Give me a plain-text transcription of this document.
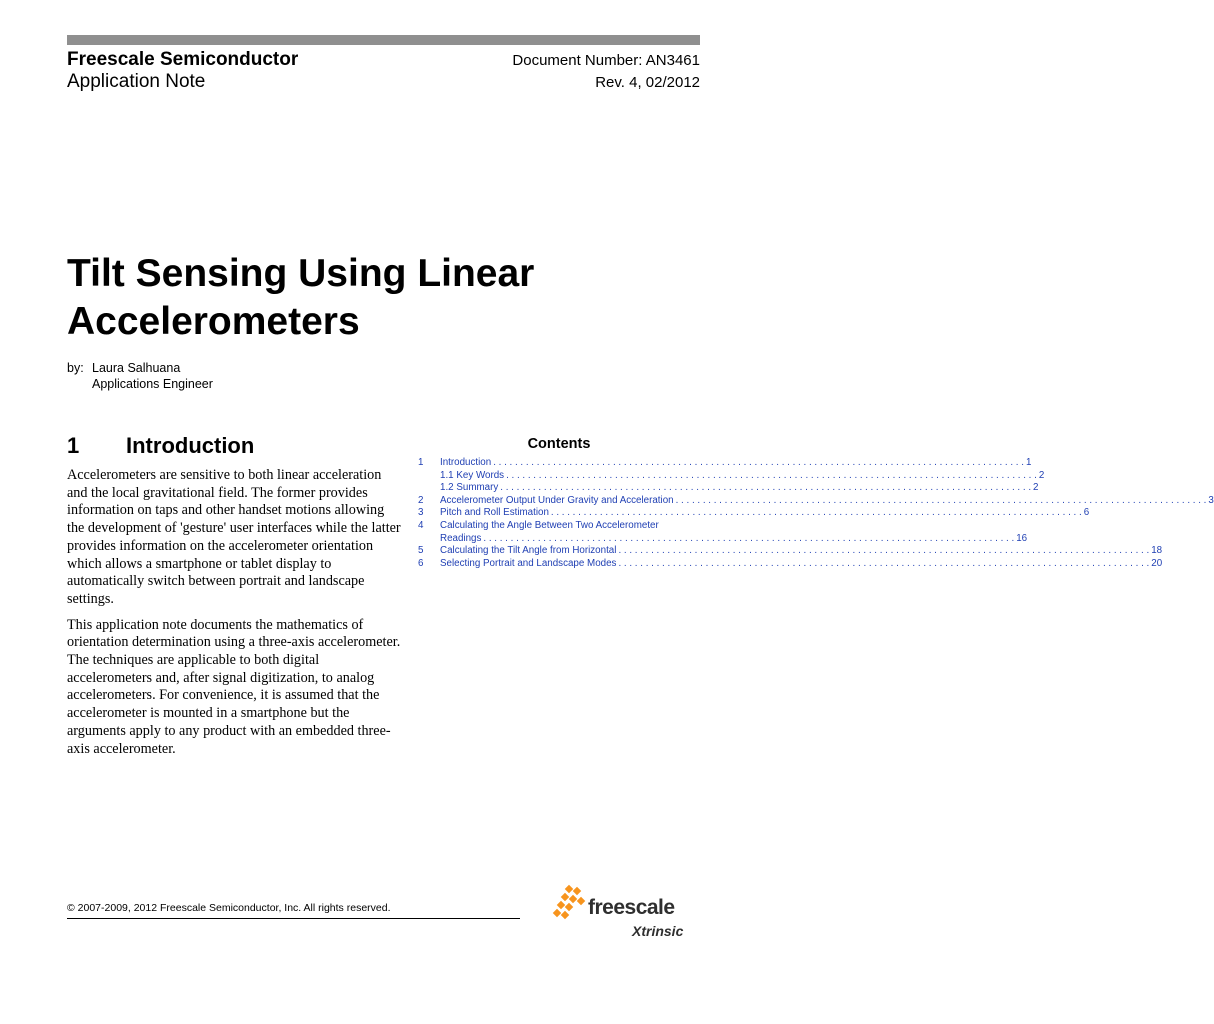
Freescale Semiconductor
Application Note
Document Number: AN3461
Rev. 4, 02/2012
Tilt Sensing Using Linear
Accelerometers
by: Laura Salhuana
Applications Engineer
1 Introduction

Accelerometers are sensitive to both linear acceleration and the local gravitational field. The former provides information on taps and other handset motions allowing the development of 'gesture' user interfaces while the latter provides information on the accelerometer orientation which allows a smartphone or tablet display to automatically switch between portrait and landscape settings.

This application note documents the mathematics of orientation determination using a three-axis accelerometer. The techniques are applicable to both digital accelerometers and, after signal digitization, to analog accelerometers. For convenience, it is assumed that the accelerometer is mounted in a smartphone but the arguments apply to any product with an embedded three-axis accelerometer.

Contents
1	Introduction . . .	1
1.1 Key Words . . .	2
1.2 Summary . . .	2
2	Accelerometer Output Under Gravity and Acceleration . . .	3
3	Pitch and Roll Estimation . . .	6
4	Calculating the Angle Between Two Accelerometer
Readings . . .	16
5	Calculating the Tilt Angle from Horizontal . . .	18
6	Selecting Portrait and Landscape Modes . . .	20
© 2007-2009, 2012 Freescale Semiconductor, Inc. All rights reserved.	freescale
Xtrinsic
